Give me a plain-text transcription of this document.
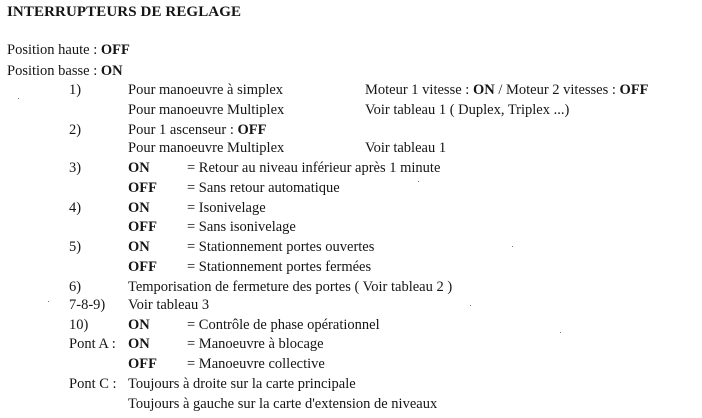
INTERRUPTEURS DE REGLAGE
Position haute : OFF
Position basse : ON
1)	Pour manoeuvre à simplex	Moteur 1 vitesse : ON / Moteur 2 vitesses : OFF
Pour manoeuvre Multiplex	Voir tableau 1 ( Duplex, Triplex ...)
2)	Pour 1 ascenseur : OFF
Pour manoeuvre Multiplex	Voir tableau 1
3)	ON	= Retour au niveau inférieur après 1 minute
OFF = Sans retour automatique
4)	ON	= Isonivelage
OFF = Sans isonivelage
5)	ON	= Stationnement portes ouvertes
OFF = Stationnement portes fermées
6)	Temporisation de fermeture des portes ( Voir tableau 2 )
7-8-9) Voir tableau 3
10)	ON	= Contrôle de phase opérationnel
Pont A : ON	= Manoeuvre à blocage
OFF = Manoeuvre collective
Pont C : Toujours à droite sur la carte principale
Toujours à gauche sur la carte d'extension de niveaux
